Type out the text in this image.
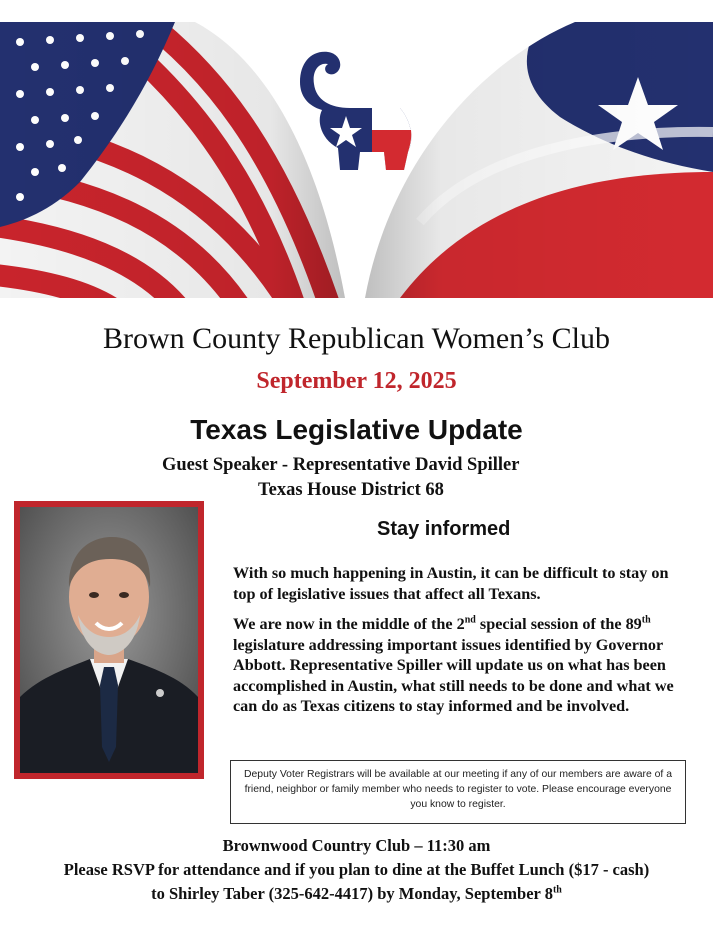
Brown County Republican Women’s Club
September 12, 2025
Texas Legislative Update
Guest Speaker - Representative David Spiller
Texas House District 68
Stay informed
With so much happening in Austin, it can be difficult to stay on top of legislative issues that affect all Texans.
We are now in the middle of the 2nd special session of the 89th legislature addressing important issues identified by Governor Abbott. Representative Spiller will update us on what has been accomplished in Austin, what still needs to be done and what we can do as Texas citizens to stay informed and be involved.
Deputy Voter Registrars will be available at our meeting if any of our members are aware of a friend, neighbor or family member who needs to register to vote. Please encourage everyone you know to register.
Brownwood Country Club – 11:30 am
Please RSVP for attendance and if you plan to dine at the Buffet Lunch ($17 - cash)
to Shirley Taber (325-642-4417) by Monday, September 8th
